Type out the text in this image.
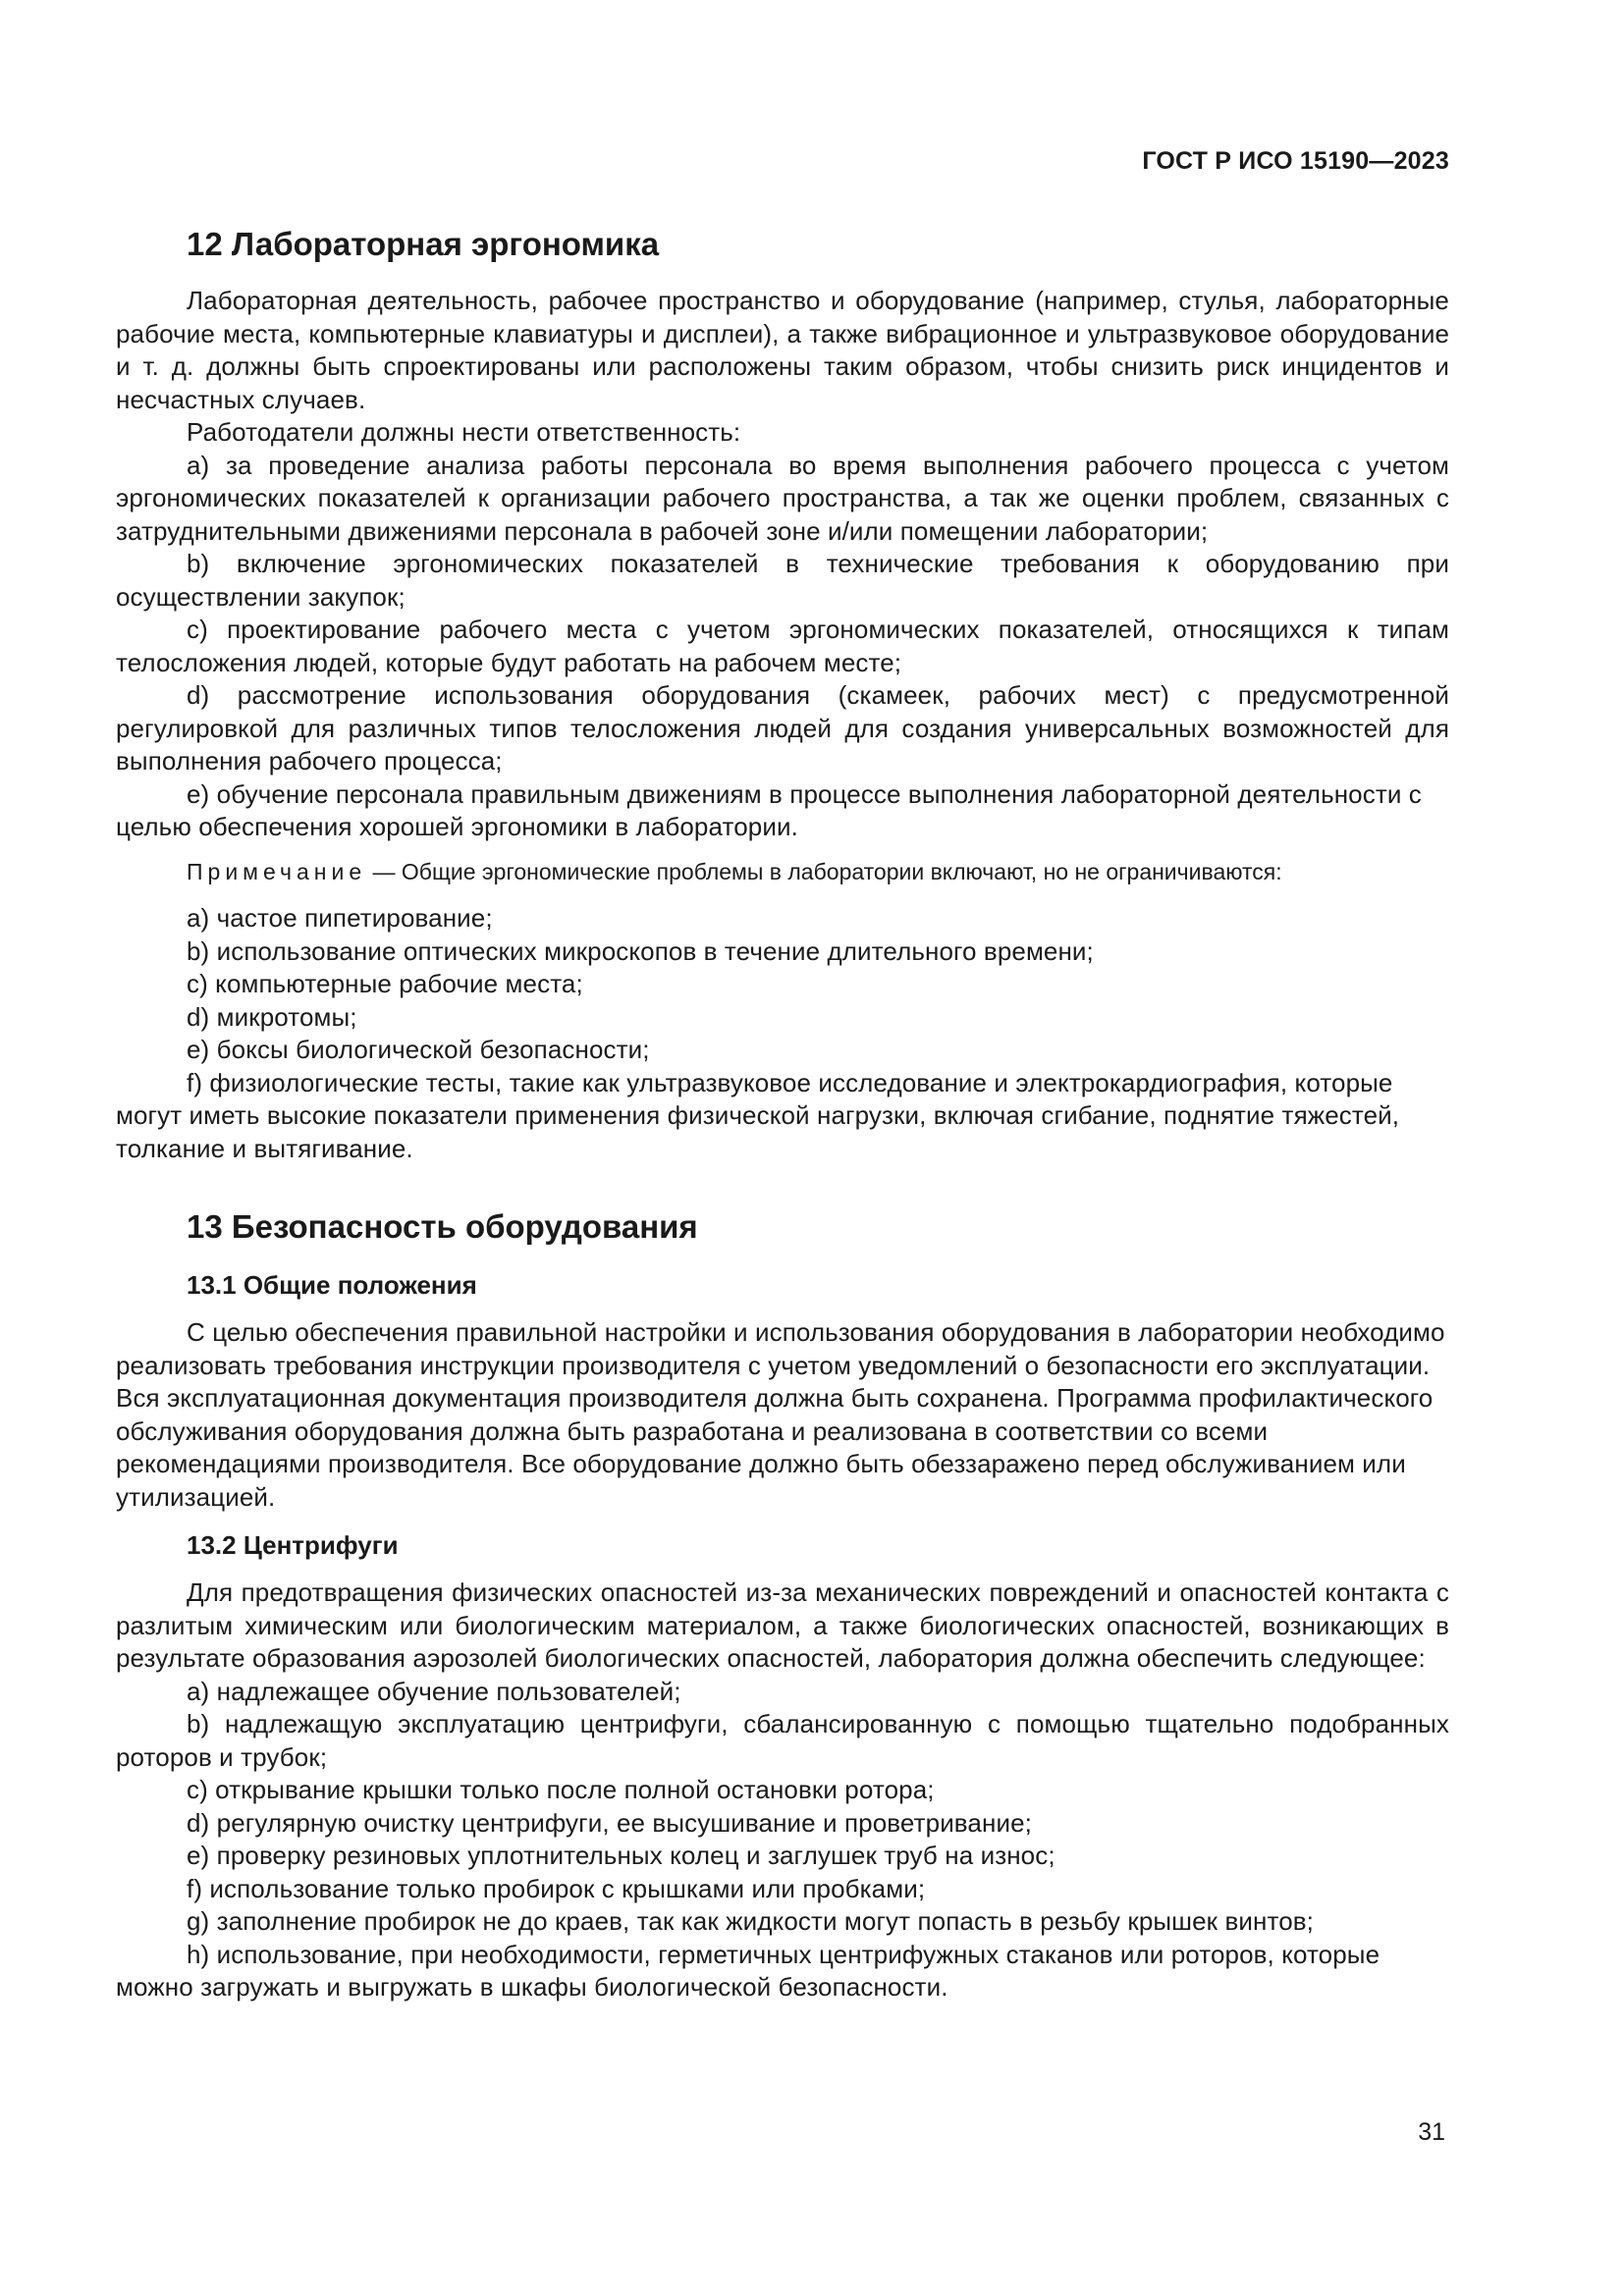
ГОСТ Р ИСО 15190—2023
12 Лабораторная эргономика

Лабораторная деятельность, рабочее пространство и оборудование (например, стулья, лабораторные рабочие места, компьютерные клавиатуры и дисплеи), а также вибрационное и ультразвуковое оборудование и т. д. должны быть спроектированы или расположены таким образом, чтобы снизить риск инцидентов и несчастных случаев.

Работодатели должны нести ответственность:

a) за проведение анализа работы персонала во время выполнения рабочего процесса с учетом эргономических показателей к организации рабочего пространства, а так же оценки проблем, связанных с затруднительными движениями персонала в рабочей зоне и/или помещении лаборатории;

b) включение эргономических показателей в технические требования к оборудованию при осуществлении закупок;

c) проектирование рабочего места с учетом эргономических показателей, относящихся к типам телосложения людей, которые будут работать на рабочем месте;

d) рассмотрение использования оборудования (скамеек, рабочих мест) с предусмотренной регулировкой для различных типов телосложения людей для создания универсальных возможностей для выполнения рабочего процесса;

e) обучение персонала правильным движениям в процессе выполнения лабораторной деятельности с целью обеспечения хорошей эргономики в лаборатории.

Примечание — Общие эргономические проблемы в лаборатории включают, но не ограничиваются:

a) частое пипетирование;

b) использование оптических микроскопов в течение длительного времени;

c) компьютерные рабочие места;

d) микротомы;

e) боксы биологической безопасности;

f) физиологические тесты, такие как ультразвуковое исследование и электрокардиография, которые могут иметь высокие показатели применения физической нагрузки, включая сгибание, поднятие тяжестей, толкание и вытягивание.

13 Безопасность оборудования
13.1 Общие положения

С целью обеспечения правильной настройки и использования оборудования в лаборатории необходимо реализовать требования инструкции производителя с учетом уведомлений о безопасности его эксплуатации. Вся эксплуатационная документация производителя должна быть сохранена. Программа профилактического обслуживания оборудования должна быть разработана и реализована в соответствии со всеми рекомендациями производителя. Все оборудование должно быть обеззаражено перед обслуживанием или утилизацией.

13.2 Центрифуги

Для предотвращения физических опасностей из-за механических повреждений и опасностей контакта с разлитым химическим или биологическим материалом, а также биологических опасностей, возникающих в результате образования аэрозолей биологических опасностей, лаборатория должна обеспечить следующее:

a) надлежащее обучение пользователей;

b) надлежащую эксплуатацию центрифуги, сбалансированную с помощью тщательно подобранных роторов и трубок;

c) открывание крышки только после полной остановки ротора;

d) регулярную очистку центрифуги, ее высушивание и проветривание;

e) проверку резиновых уплотнительных колец и заглушек труб на износ;

f) использование только пробирок с крышками или пробками;

g) заполнение пробирок не до краев, так как жидкости могут попасть в резьбу крышек винтов;

h) использование, при необходимости, герметичных центрифужных стаканов или роторов, которые можно загружать и выгружать в шкафы биологической безопасности.

31
